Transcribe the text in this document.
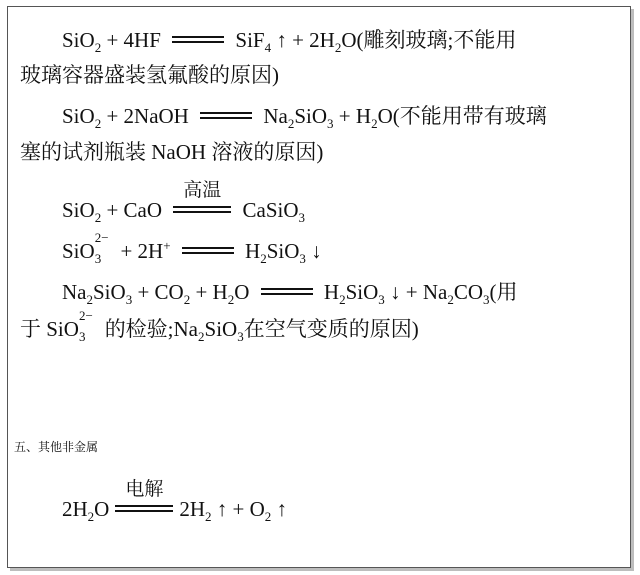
SiO$_2$ + 4HF	SiF$_4$ ↑ + $2H_2O$(雕刻玻璃;不能用
玻璃容器盛装氢氟酸的原因)
SiO$_2$ + 2NaOH	$Na_2SiO_3 + H_2O$(不能用带有玻璃
塞的试剂瓶装 NaOH 溶液的原因)
SiO$_2$ + CaO
高温
CaSiO$_3$
SiO
$_3$ + 2H+	$H_2SiO_3$ ↓
$Na_2SiO_3 + CO_2 + H_2O$	$H_2SiO_3$ ↓ + $Na_2CO_3$(用
于 SiO
$_3$ 的检验$;Na_2SiO_3$在空气变质的原因)
五、其他非金属
$2H_2O$
电解
$2H_2$ ↑ + $O_2$ ↑
